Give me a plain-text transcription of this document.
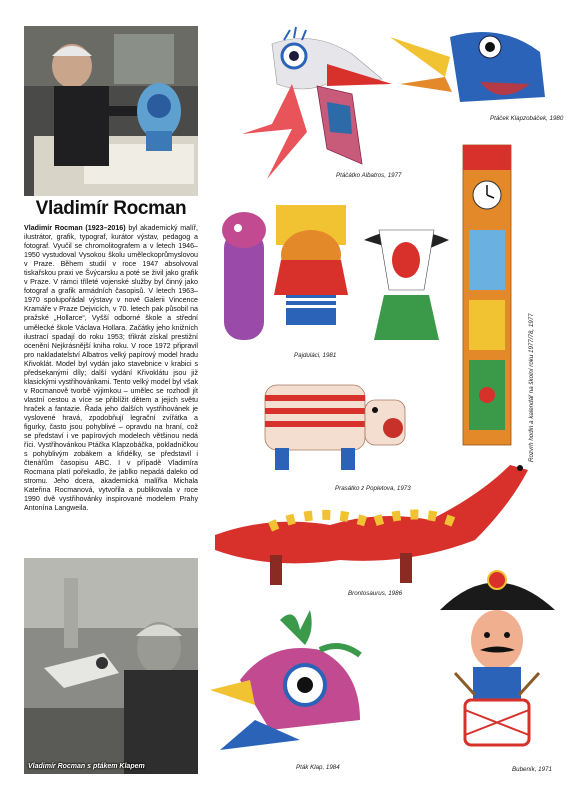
Vladimír Rocman
Vladimír Rocman (1923–2016) byl akademický malíř, ilustrátor, grafik, typograf, kurátor výstav, pedagog a fotograf. Vyučil se chromolitografem a v letech 1946–1950 vystudoval Vysokou školu uměleckoprůmyslovou v Praze. Během studií v roce 1947 absolvoval tiskařskou praxi ve Švýcarsku a poté se živil jako grafik v Praze. V rámci tříleté vojenské služby byl činný jako fotograf a grafik armádních časopisů. V letech 1963–1970 spolupořádal výstavy v nové Galerii Vincence Kramáře v Praze Dejvicích, v 70. letech pak působil na pražské „Hollarce“, Vyšší odborné škole a střední umělecké škole Václava Hollara. Začátky jeho knižních ilustrací spadají do roku 1953; třikrát získal prestižní ocenění Nejkrásnější kniha roku. V roce 1972 připravil pro nakladatelství Albatros velký papírový model hradu Křivoklát. Model byl vydán jako stavebnice v krabici s předsekanými díly; další vydání Křivoklátu jsou již klasickými vystřihovánkami. Tento velký model byl však v Rocmanově tvorbě výjimkou – umělec se rozhodl jít vlastní cestou a více se přiblížit dětem a jejich světu hraček a fantazie. Řada jeho dalších vystřihovánek je vyslovené hravá, zpodobňují legrační zvířátka a figurky, často jsou pohyblivé – opravdu na hraní, což se představí i ve papírových modelech většinou nedá říci. Vystřihovánkou Ptáčka Klapzobáčka, pokladničkou s pohyblivým zobákem a křidélky, se představil i čtenářům časopisu ABC. I v případě Vladimíra Rocmana platí pořekadlo, že jablko nepadá daleko od stromu. Jeho dcera, akademická malířka Michala Kateřina Rocmanová, vytvořila a publikovala v roce 1990 dvě vystřihovánky inspirované modelem Prahy Antonína Langweila.
Vladimír Rocman s ptákem Klapem
Ptáčátko Albatros, 1977
Ptáček Klapzobáček, 1980
Rozvrh hodin a kalendář na školní roku 1977/78, 1977
Pajduláci, 1981
Prasátko z Popletova, 1973
Brontosaurus, 1986
Pták Klap, 1984	Bubeník, 1971
